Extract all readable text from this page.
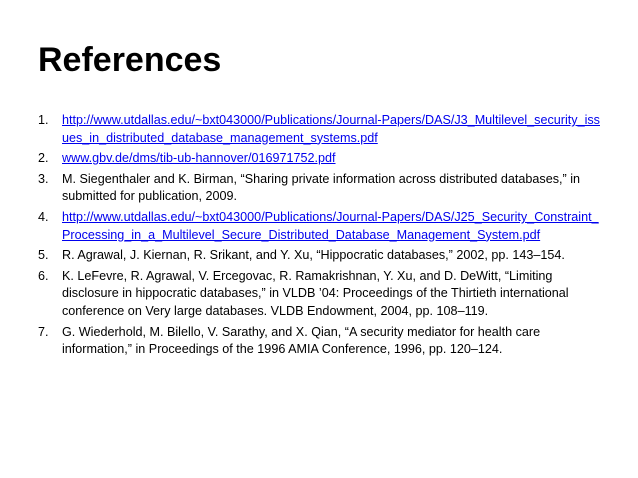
References
1.	http://www.utdallas.edu/~bxt043000/Publications/Journal-Papers/DAS/J3_Multilevel_security_issues_in_distributed_database_management_systems.pdf
2.	www.gbv.de/dms/tib-ub-hannover/016971752.pdf
3.	M. Siegenthaler and K. Birman, “Sharing private information across distributed databases,” in submitted for publication, 2009.
4.	http://www.utdallas.edu/~bxt043000/Publications/Journal-Papers/DAS/J25_Security_Constraint_Processing_in_a_Multilevel_Secure_Distributed_Database_Management_System.pdf
5.	R. Agrawal, J. Kiernan, R. Srikant, and Y. Xu, “Hippocratic databases,” 2002, pp. 143–154.
6.	K. LeFevre, R. Agrawal, V. Ercegovac, R. Ramakrishnan, Y. Xu, and D. DeWitt, “Limiting disclosure in hippocratic databases,” in VLDB ’04: Proceedings of the Thirtieth international conference on Very large databases. VLDB Endowment, 2004, pp. 108–119.
7.	G. Wiederhold, M. Bilello, V. Sarathy, and X. Qian, “A security mediator for health care information,” in Proceedings of the 1996 AMIA Conference, 1996, pp. 120–124.
